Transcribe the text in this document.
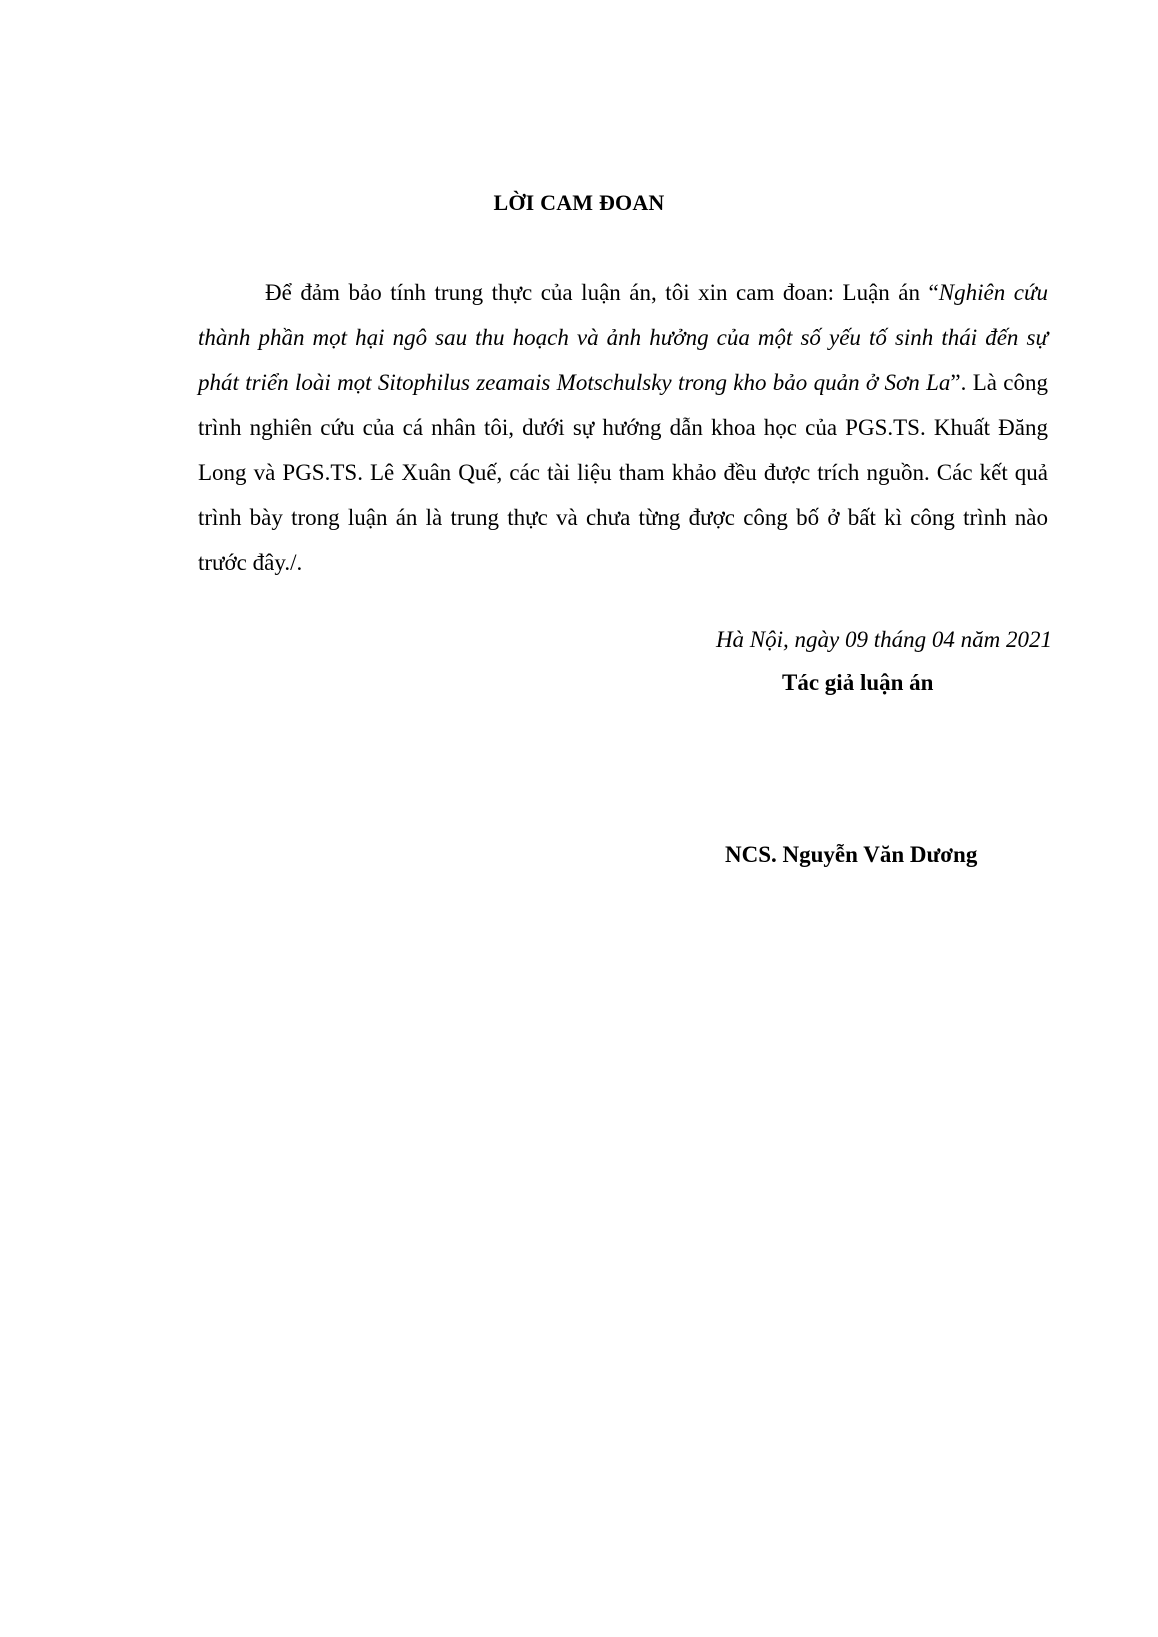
LỜI CAM ĐOAN

Để đảm bảo tính trung thực của luận án, tôi xin cam đoan: Luận án “Nghiên cứu thành phần mọt hại ngô sau thu hoạch và ảnh hưởng của một số yếu tố sinh thái đến sự phát triển loài mọt Sitophilus zeamais Motschulsky trong kho bảo quản ở Sơn La”. Là công trình nghiên cứu của cá nhân tôi, dưới sự hướng dẫn khoa học của PGS.TS. Khuất Đăng Long và PGS.TS. Lê Xuân Quế, các tài liệu tham khảo đều được trích nguồn. Các kết quả trình bày trong luận án là trung thực và chưa từng được công bố ở bất kì công trình nào trước đây./.

Hà Nội, ngày 09 tháng 04 năm 2021
Tác giả luận án
NCS. Nguyễn Văn Dương
